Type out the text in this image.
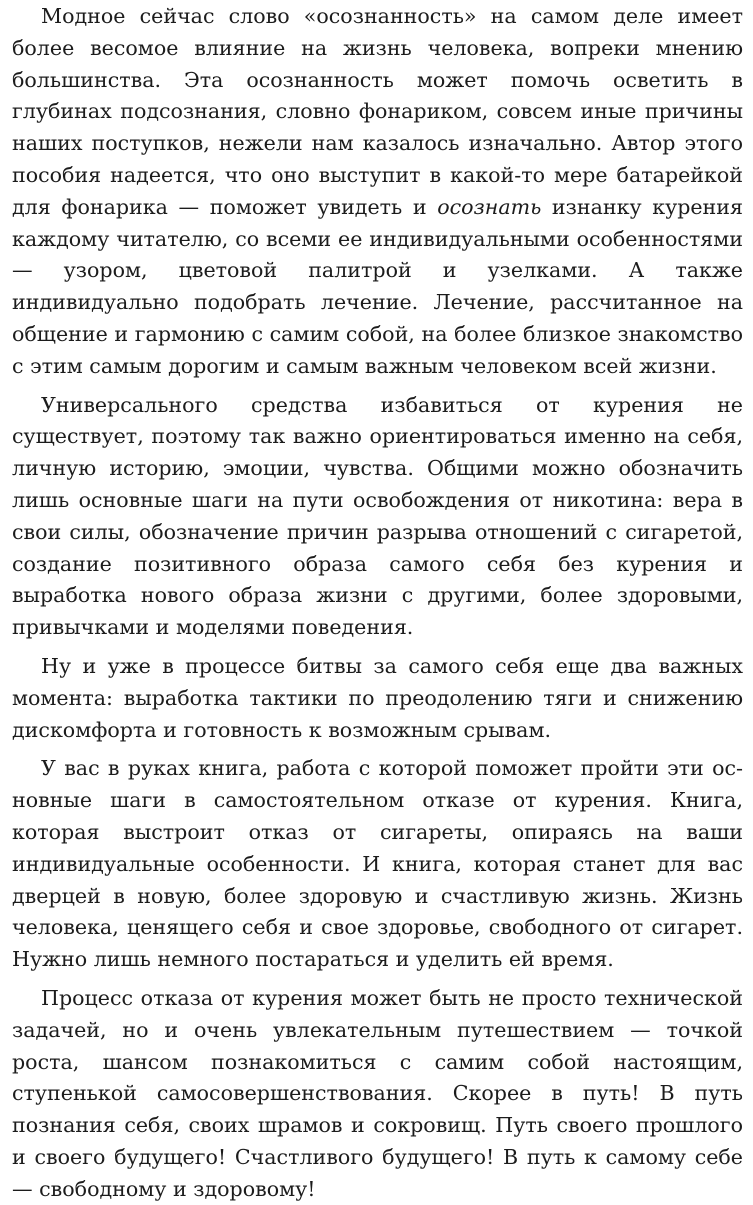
Модное сейчас слово «осознанность» на самом деле имеет более весомое влияние на жизнь человека, вопреки мнению большинства. Эта осознанность может помочь осветить в глубинах подсознания, словно фонариком, совсем иные причины наших поступков, нежели нам казалось изначально. Автор этого пособия надеется, что оно выступит в какой-то мере батарейкой для фонарика — поможет увидеть и осознать изнанку курения каждому читателю, со всеми ее индивидуальными особенностями — узором, цветовой палитрой и узелками. А также индивидуально подобрать лечение. Лечение, рассчитанное на общение и гармонию с самим собой, на более близкое знакомство с этим самым дорогим и самым важным человеком всей жизни.

Универсального средства избавиться от курения не существует, поэтому так важно ориентироваться именно на себя, личную историю, эмоции, чувства. Общими можно обозначить лишь основные шаги на пути освобождения от никотина: вера в свои силы, обозначение причин разрыва отношений с сигаретой, создание позитивного образа самого себя без курения и выработка нового образа жизни с другими, более здоровыми, привычками и моделями поведения.

Ну и уже в процессе битвы за самого себя еще два важных момента: выработка тактики по преодолению тяги и снижению дискомфорта и готовность к возможным срывам.

У вас в руках книга, работа с которой поможет пройти эти основные шаги в самостоятельном отказе от курения. Книга, которая выстроит отказ от сигареты, опираясь на ваши индивидуальные особенности. И книга, которая станет для вас дверцей в новую, более здоровую и счастливую жизнь. Жизнь человека, ценящего себя и свое здоровье, свободного от сигарет. Нужно лишь немного постараться и уделить ей время.

Процесс отказа от курения может быть не просто технической задачей, но и очень увлекательным путешествием — точкой роста, шансом познакомиться с самим собой настоящим, ступенькой самосовершенствования. Скорее в путь! В путь познания себя, своих шрамов и сокровищ. Путь своего прошлого и своего будущего! Счастливого будущего! В путь к самому себе — свободному и здоровому!
